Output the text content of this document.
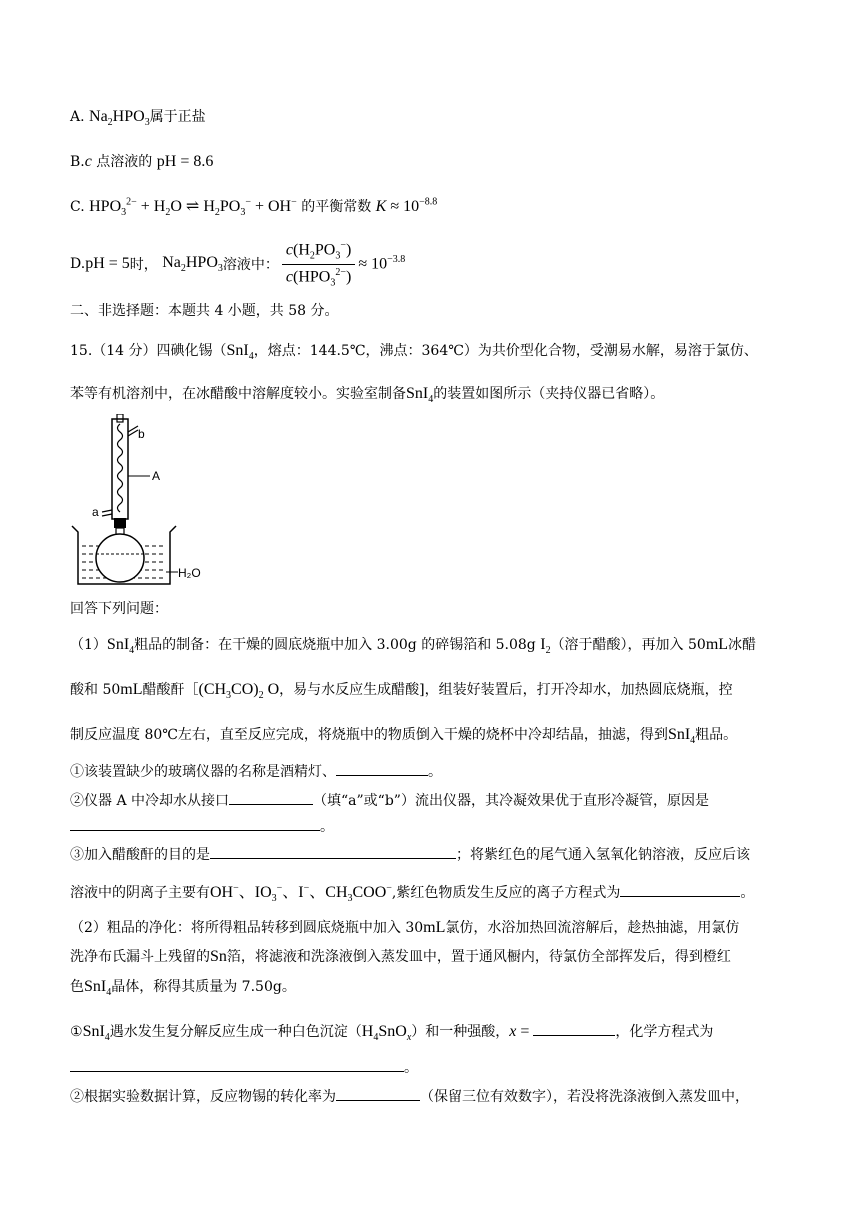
A. $Na_2HPO_3$属于正盐
B.c 点溶液的 pH = 8.6
C. $HPO_3^{2-} + H_2O$ ⇌ $H_2PO_3^- + OH^-$ 的平衡常数 $K \approx 10^{-8.8}$
D. pH = 5 时，
$Na_2HPO_3$ 溶液中： $\frac{c(H_2PO_3^-)}{c(HPO_3^{2-})} \approx 10^{-3.8}$
二、非选择题：本题共 4 小题，共 58 分。
15.（14 分）四碘化锡（SnI$_4$，熔点：144.5℃，沸点：364℃）为共价型化合物，受潮易水解，易溶于氯仿、
苯等有机溶剂中，在冰醋酸中溶解度较小。实验室制备SnI$_4$的装置如图所示（夹持仪器已省略）。
b
A
a
H₂O
回答下列问题：
（1）SnI$_4$粗品的制备：在干燥的圆底烧瓶中加入 3.00g 的碎锡箔和 5.08g $I_2$（溶于醋酸），再加入 50mL冰醋
酸和 50mL醋酸酐$[(CH_3CO)_2$ O，易与水反应生成醋酸]，组装好装置后，打开冷却水，加热圆底烧瓶，控
制反应温度 80℃左右，直至反应完成，将烧瓶中的物质倒入干燥的烧杯中冷却结晶，抽滤，得到SnI$_4$粗品。
①该装置缺少的玻璃仪器的名称是酒精灯、	。
②仪器 A 中冷却水从接口	（填“a”或“b”）流出仪器，其冷凝效果优于直形冷凝管，原因是
。
③加入醋酸酐的目的是	；将紫红色的尾气通入氢氧化钠溶液，反应后该
溶液中的阴离子主要有OH−、$IO_3^-$、I−、$CH_3COO^-$,紫红色物质发生反应的离子方程式为	。
（2）粗品的净化：将所得粗品转移到圆底烧瓶中加入 30mL氯仿，水浴加热回流溶解后，趁热抽滤，用氯仿
洗净布氏漏斗上残留的Sn箔，将滤液和洗涤液倒入蒸发皿中，置于通风橱内，待氯仿全部挥发后，得到橙红
色SnI$_4$晶体，称得其质量为 7.50g。
①SnI$_4$遇水发生复分解反应生成一种白色沉淀$(H_4SnO_x)$和一种强酸，x =	，化学方程式为
。
②根据实验数据计算，反应物锡的转化率为	（保留三位有效数字），若没将洗涤液倒入蒸发皿中，
